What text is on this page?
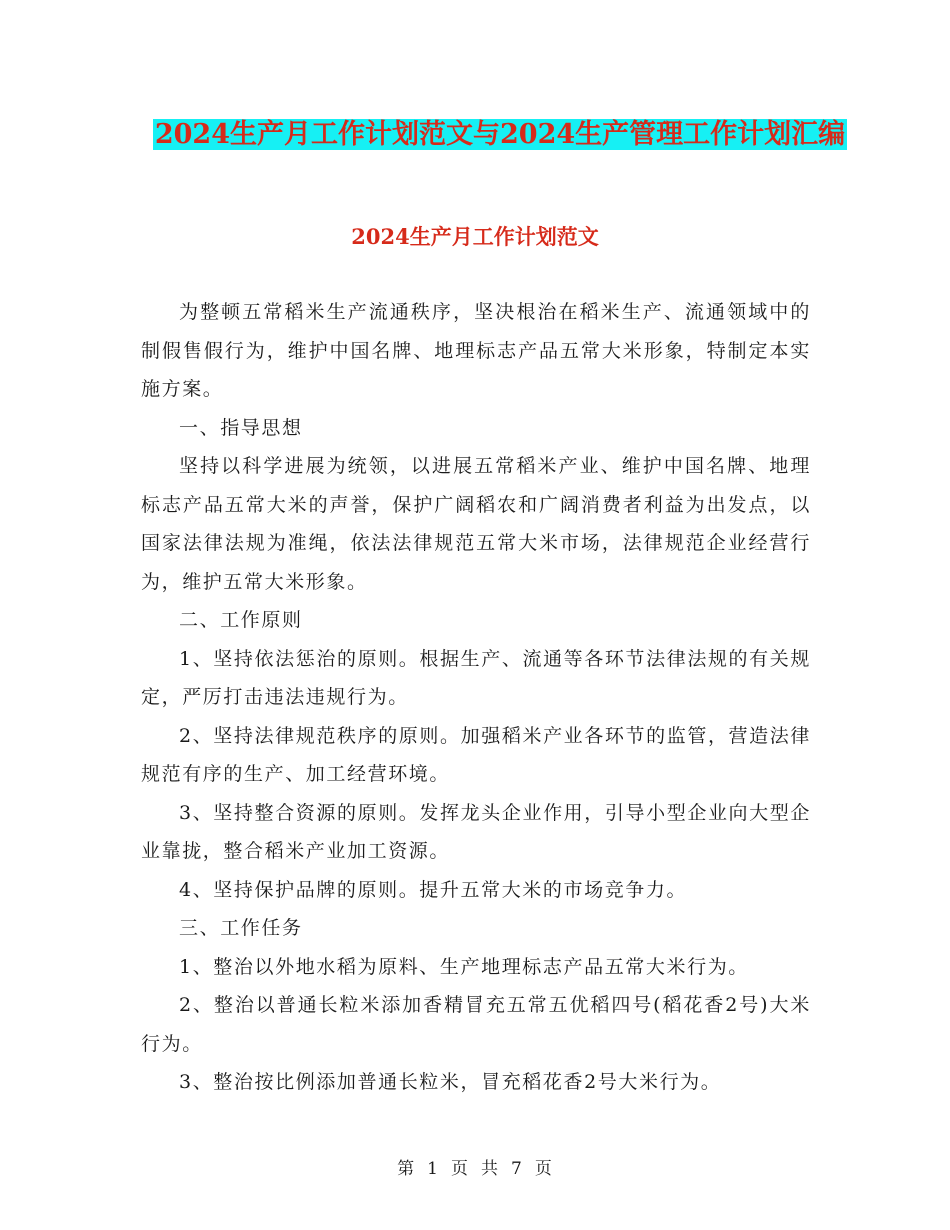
2024生产月工作计划范文与2024生产管理工作计划汇编
2024生产月工作计划范文

为整顿五常稻米生产流通秩序，坚决根治在稻米生产、流通领域中的制假售假行为，维护中国名牌、地理标志产品五常大米形象，特制定本实施方案。

一、指导思想

坚持以科学进展为统领，以进展五常稻米产业、维护中国名牌、地理标志产品五常大米的声誉，保护广阔稻农和广阔消费者利益为出发点，以国家法律法规为准绳，依法法律规范五常大米市场，法律规范企业经营行为，维护五常大米形象。

二、工作原则

1、坚持依法惩治的原则。根据生产、流通等各环节法律法规的有关规定，严厉打击违法违规行为。

2、坚持法律规范秩序的原则。加强稻米产业各环节的监管，营造法律规范有序的生产、加工经营环境。

3、坚持整合资源的原则。发挥龙头企业作用，引导小型企业向大型企业靠拢，整合稻米产业加工资源。

4、坚持保护品牌的原则。提升五常大米的市场竞争力。

三、工作任务

1、整治以外地水稻为原料、生产地理标志产品五常大米行为。

2、整治以普通长粒米添加香精冒充五常五优稻四号(稻花香2号)大米行为。

3、整治按比例添加普通长粒米，冒充稻花香2号大米行为。

第 1 页 共 7 页
